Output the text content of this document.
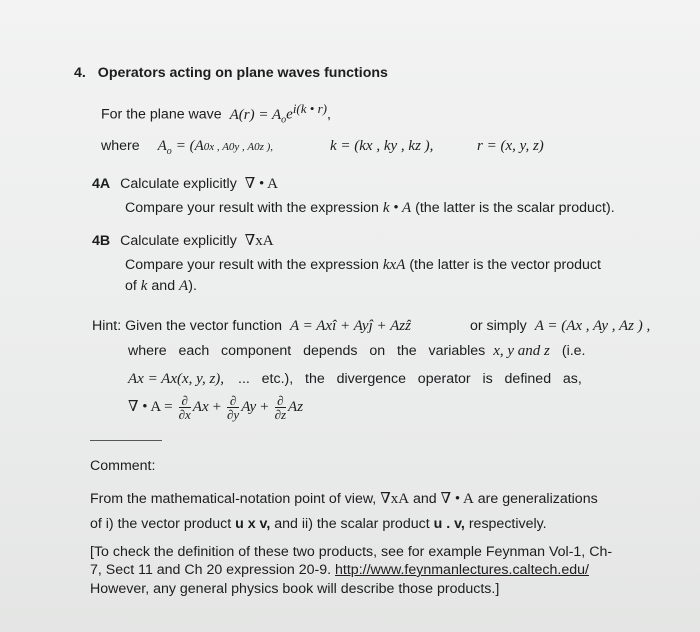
4. Operators acting on plane waves functions
For the plane wave $A(r) = A_oe^{i(k • r)}$,
where $A_o = (A0x$ , A0y , A0z ),	k = (kx , ky , kz ),	r = (x, y, z)
4A Calculate explicitly ∇ • A
Compare your result with the expression k • A (the latter is the scalar product).
4B Calculate explicitly ∇xA
Compare your result with the expression kxA (the latter is the vector product
of k and A).
Hint: Given the vector function A = Axî + Ayĵ + Azẑ	or simply A = (Ax , Ay , Az ) ,
where   each   component   depends   on   the   variables x, y and z (i.e.
Ax = Ax(x, y, z), ...   etc.),   the   divergence   operator   is   defined   as,
∇ • $A = \frac{\partial}{\partial x}$ $Ax + \frac{\partial}{\partial y}$ $Ay + \frac{\partial}{\partial z}$ Az
Comment:
From the mathematical-notation point of view, ∇xA and ∇ • A are generalizations
of i) the vector product u x v, and ii) the scalar product u . v, respectively.
[To check the definition of these two products, see for example Feynman Vol-1, Ch-
7, Sect 11 and Ch 20 expression 20-9. http://www.feynmanlectures.caltech.edu/
However, any general physics book will describe those products.]
